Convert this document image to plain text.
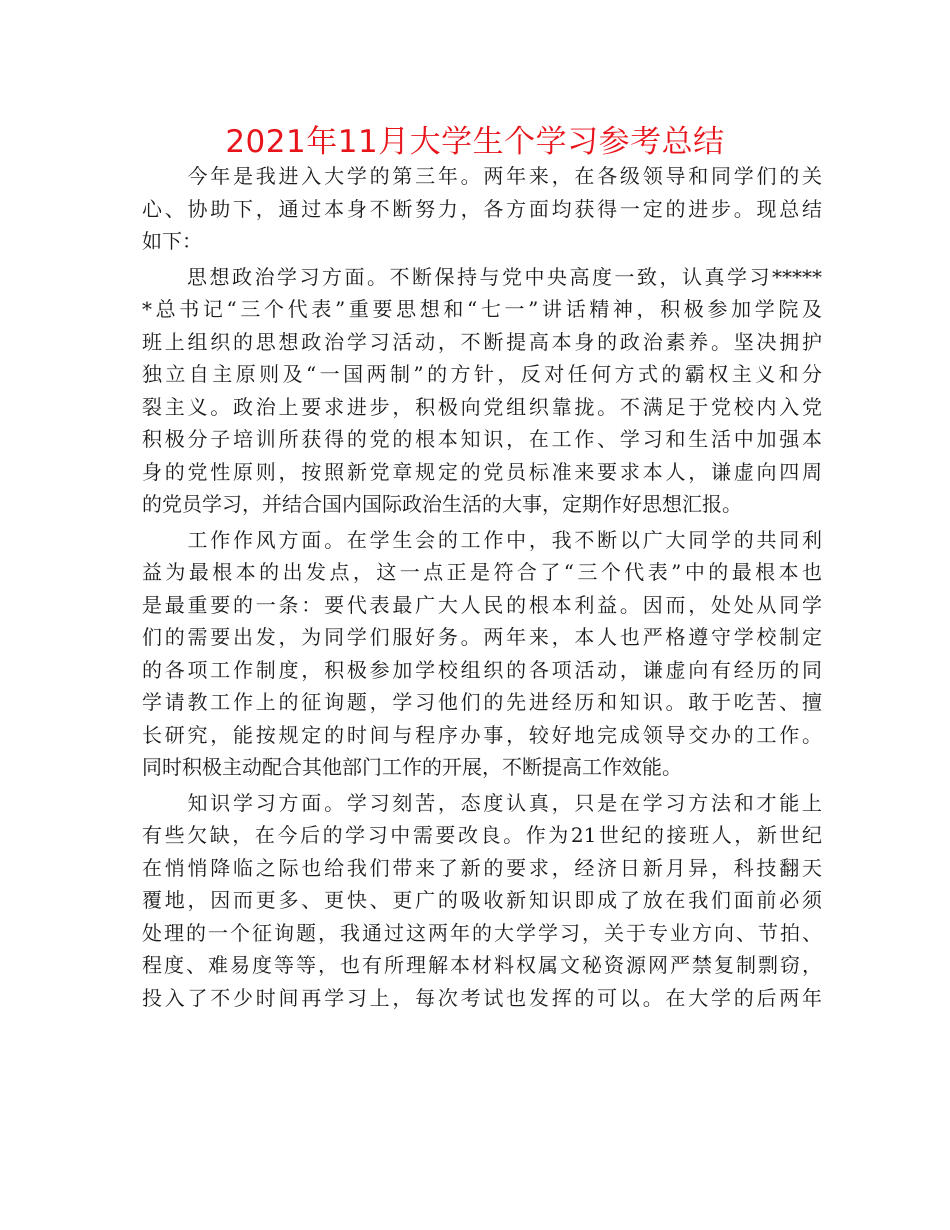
2021年11月大学生个学习参考总结
　　今年是我进入大学的第三年。两年来，在各级领导和同学们的关
心、协助下，通过本身不断努力，各方面均获得一定的进步。现总结
如下：
　　思想政治学习方面。不断保持与党中央高度一致，认真学习*****
*总书记“三个代表”重要思想和“七一”讲话精神，积极参加学院及
班上组织的思想政治学习活动，不断提高本身的政治素养。坚决拥护
独立自主原则及“一国两制”的方针，反对任何方式的霸权主义和分
裂主义。政治上要求进步，积极向党组织靠拢。不满足于党校内入党
积极分子培训所获得的党的根本知识，在工作、学习和生活中加强本
身的党性原则，按照新党章规定的党员标准来要求本人，谦虚向四周
的党员学习，并结合国内国际政治生活的大事，定期作好思想汇报。
　　工作作风方面。在学生会的工作中，我不断以广大同学的共同利
益为最根本的出发点，这一点正是符合了“三个代表”中的最根本也
是最重要的一条：要代表最广大人民的根本利益。因而，处处从同学
们的需要出发，为同学们服好务。两年来，本人也严格遵守学校制定
的各项工作制度，积极参加学校组织的各项活动，谦虚向有经历的同
学请教工作上的征询题，学习他们的先进经历和知识。敢于吃苦、擅
长研究，能按规定的时间与程序办事，较好地完成领导交办的工作。
同时积极主动配合其他部门工作的开展，不断提高工作效能。
　　知识学习方面。学习刻苦，态度认真，只是在学习方法和才能上
有些欠缺，在今后的学习中需要改良。作为21世纪的接班人，新世纪
在悄悄降临之际也给我们带来了新的要求，经济日新月异，科技翻天
覆地，因而更多、更快、更广的吸收新知识即成了放在我们面前必须
处理的一个征询题，我通过这两年的大学学习，关于专业方向、节拍、
程度、难易度等等，也有所理解本材料权属文秘资源网严禁复制剽窃，
投入了不少时间再学习上，每次考试也发挥的可以。在大学的后两年
